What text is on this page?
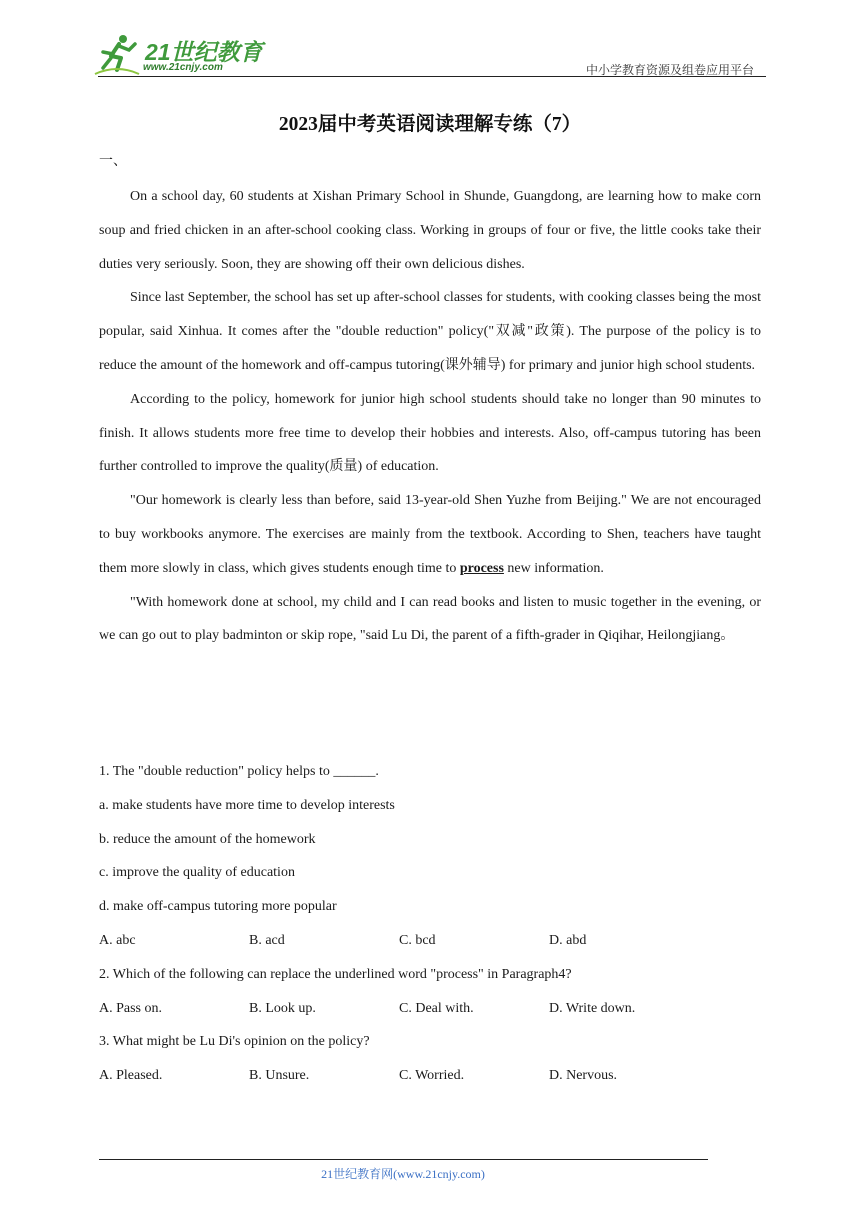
21世纪教育
www.21cnjy.com	中小学教育资源及组卷应用平台
2023届中考英语阅读理解专练（7）
一、

On a school day, 60 students at Xishan Primary School in Shunde, Guangdong, are learning how to make corn soup and fried chicken in an after-school cooking class. Working in groups of four or five, the little cooks take their duties very seriously. Soon, they are showing off their own delicious dishes.

Since last September, the school has set up after-school classes for students, with cooking classes being the most popular, said Xinhua. It comes after the "double reduction" policy("双减"政策). The purpose of the policy is to reduce the amount of the homework and off-campus tutoring(课外辅导) for primary and junior high school students.

According to the policy, homework for junior high school students should take no longer than 90 minutes to finish. It allows students more free time to develop their hobbies and interests. Also, off-campus tutoring has been further controlled to improve the quality(质量) of education.

"Our homework is clearly less than before, said 13-year-old Shen Yuzhe from Beijing." We are not encouraged to buy workbooks anymore. The exercises are mainly from the textbook. According to Shen, teachers have taught them more slowly in class, which gives students enough time to process new information.

"With homework done at school, my child and I can read books and listen to music together in the evening, or we can go out to play badminton or skip rope, "said Lu Di, the parent of a fifth-grader in Qiqihar, Heilongjiang。

1. The "double reduction" policy helps to ______.
a. make students have more time to develop interests
b. reduce the amount of the homework
c. improve the quality of education
d. make off-campus tutoring more popular
A. abc	B. acd	C. bcd	D. abd
2. Which of the following can replace the underlined word "process" in Paragraph4?
A. Pass on.	B. Look up.	C. Deal with.	D. Write down.
3. What might be Lu Di's opinion on the policy?
A. Pleased.	B. Unsure.	C. Worried.	D. Nervous.
21世纪教育网(www.21cnjy.com)
